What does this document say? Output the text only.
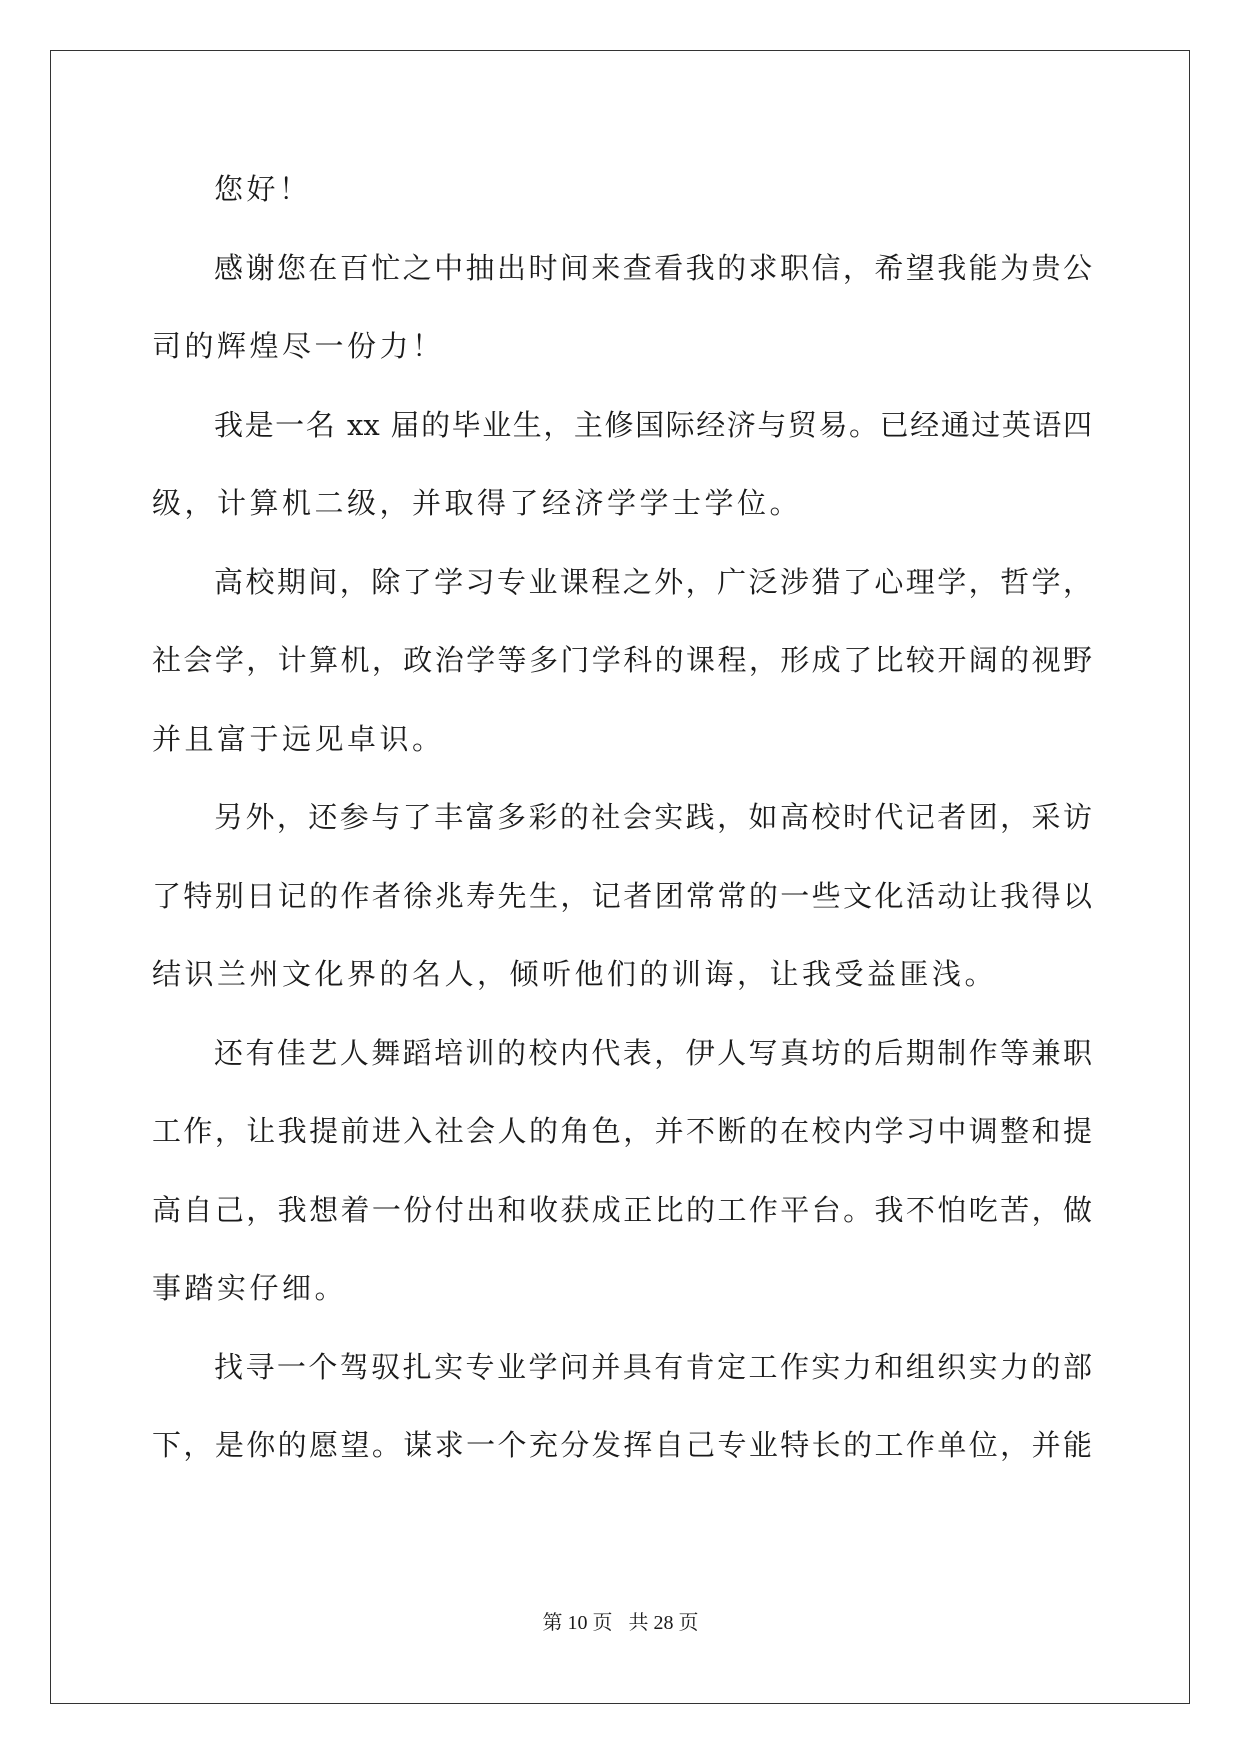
您好！
感谢您在百忙之中抽出时间来查看我的求职信，希望我能为贵公
司的辉煌尽一份力！
我是一名 xx 届的毕业生，主修国际经济与贸易。已经通过英语四
级，计算机二级，并取得了经济学学士学位。
高校期间，除了学习专业课程之外，广泛涉猎了心理学，哲学，
社会学，计算机，政治学等多门学科的课程，形成了比较开阔的视野
并且富于远见卓识。
另外，还参与了丰富多彩的社会实践，如高校时代记者团，采访
了特别日记的作者徐兆寿先生，记者团常常的一些文化活动让我得以
结识兰州文化界的名人，倾听他们的训诲，让我受益匪浅。
还有佳艺人舞蹈培训的校内代表，伊人写真坊的后期制作等兼职
工作，让我提前进入社会人的角色，并不断的在校内学习中调整和提
高自己，我想着一份付出和收获成正比的工作平台。我不怕吃苦，做
事踏实仔细。
找寻一个驾驭扎实专业学问并具有肯定工作实力和组织实力的部
下，是你的愿望。谋求一个充分发挥自己专业特长的工作单位，并能
第 10 页 共 28 页
